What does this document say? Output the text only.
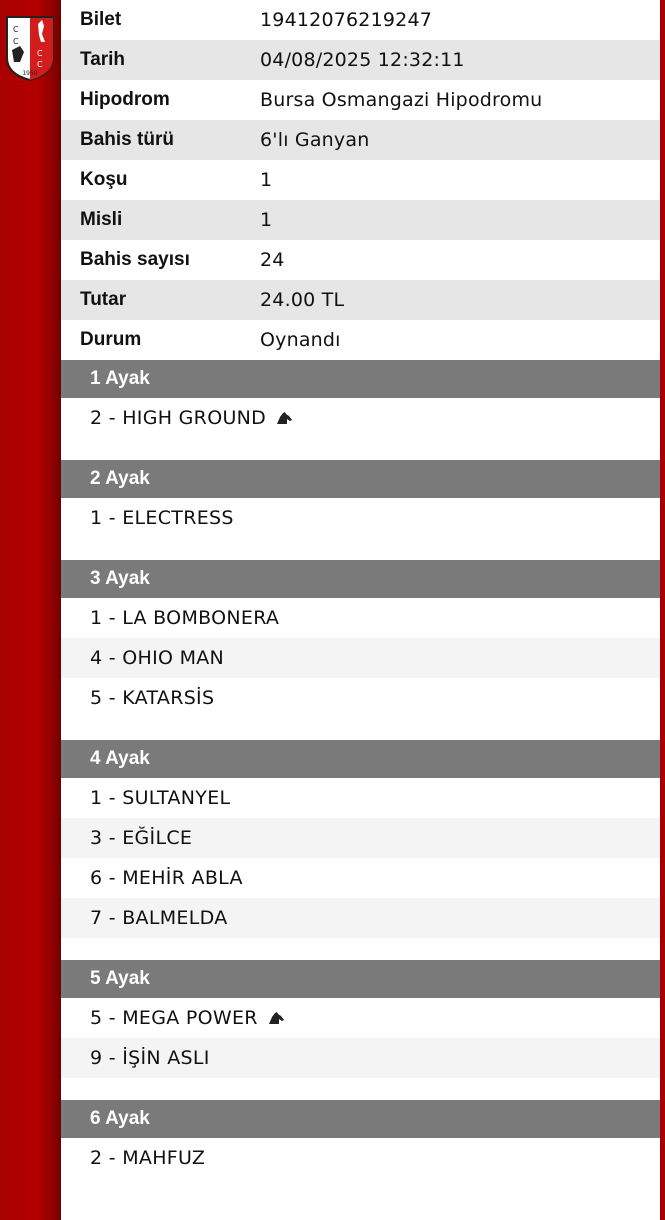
C
C
C
C
1950
Bilet	19412076219247
Tarih	04/08/2025 12:32:11
Hipodrom	Bursa Osmangazi Hipodromu
Bahis türü	6'lı Ganyan
Koşu	1
Misli	1
Bahis sayısı	24
Tutar	24.00 TL
Durum	Oynandı
1 Ayak
2 - HIGH GROUND
2 Ayak
1 - ELECTRESS
3 Ayak
1 - LA BOMBONERA
4 - OHIO MAN
5 - KATARSİS
4 Ayak
1 - SULTANYEL
3 - EĞİLCE
6 - MEHİR ABLA
7 - BALMELDA
5 Ayak
5 - MEGA POWER
9 - İŞİN ASLI
6 Ayak
2 - MAHFUZ
